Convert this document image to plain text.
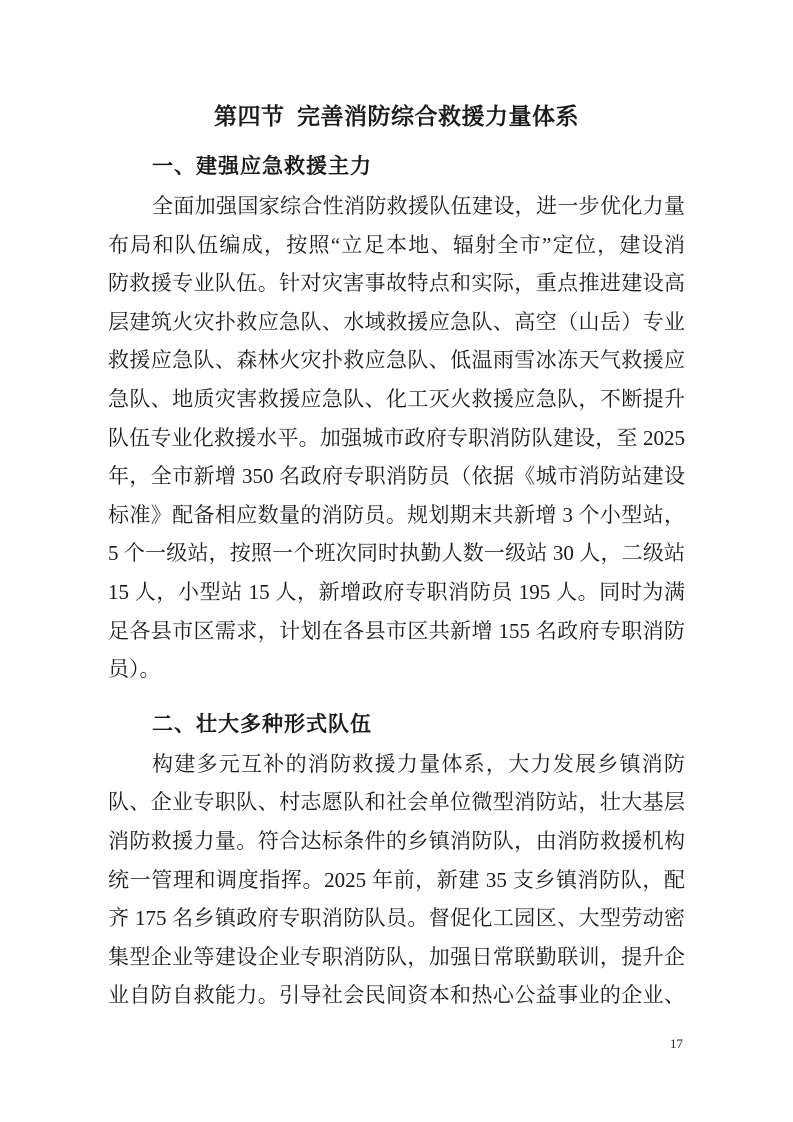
第四节  完善消防综合救援力量体系
一、建强应急救援主力
全面加强国家综合性消防救援队伍建设，进一步优化力量
布局和队伍编成，按照“立足本地、辐射全市”定位，建设消
防救援专业队伍。针对灾害事故特点和实际，重点推进建设高
层建筑火灾扑救应急队、水域救援应急队、高空（山岳）专业
救援应急队、森林火灾扑救应急队、低温雨雪冰冻天气救援应
急队、地质灾害救援应急队、化工灭火救援应急队，不断提升
队伍专业化救援水平。加强城市政府专职消防队建设，至 2025
年，全市新增 350 名政府专职消防员（依据《城市消防站建设
标准》配备相应数量的消防员。规划期末共新增 3 个小型站，
5 个一级站，按照一个班次同时执勤人数一级站 30 人，二级站
15 人，小型站 15 人，新增政府专职消防员 195 人。同时为满
足各县市区需求，计划在各县市区共新增 155 名政府专职消防
员）。
二、壮大多种形式队伍
构建多元互补的消防救援力量体系，大力发展乡镇消防
队、企业专职队、村志愿队和社会单位微型消防站，壮大基层
消防救援力量。符合达标条件的乡镇消防队，由消防救援机构
统一管理和调度指挥。2025 年前，新建 35 支乡镇消防队，配
齐 175 名乡镇政府专职消防队员。督促化工园区、大型劳动密
集型企业等建设企业专职消防队，加强日常联勤联训，提升企
业自防自救能力。引导社会民间资本和热心公益事业的企业、
17
